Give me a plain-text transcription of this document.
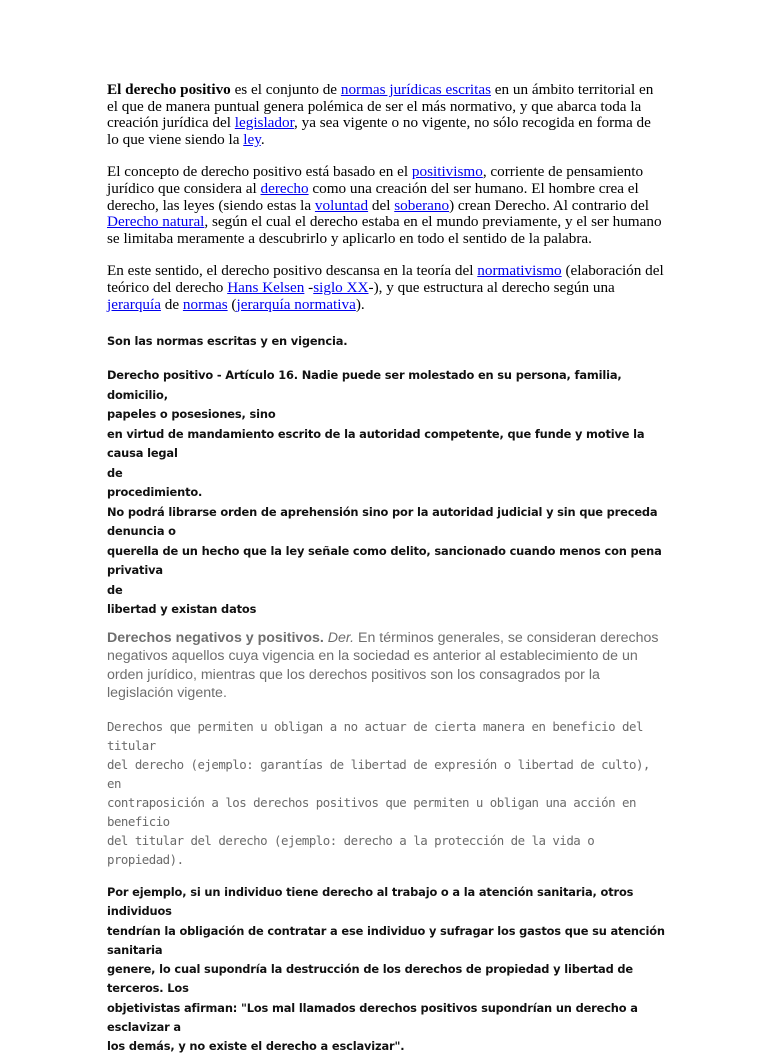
El derecho positivo es el conjunto de normas jurídicas escritas en un ámbito territorial en el que de manera puntual genera polémica de ser el más normativo, y que abarca toda la creación jurídica del legislador, ya sea vigente o no vigente, no sólo recogida en forma de lo que viene siendo la ley.

El concepto de derecho positivo está basado en el positivismo, corriente de pensamiento jurídico que considera al derecho como una creación del ser humano. El hombre crea el derecho, las leyes (siendo estas la voluntad del soberano) crean Derecho. Al contrario del Derecho natural, según el cual el derecho estaba en el mundo previamente, y el ser humano se limitaba meramente a descubrirlo y aplicarlo en todo el sentido de la palabra.

En este sentido, el derecho positivo descansa en la teoría del normativismo (elaboración del teórico del derecho Hans Kelsen -siglo XX-), y que estructura al derecho según una jerarquía de normas (jerarquía normativa).

Son las normas escritas y en vigencia.

Derecho positivo - Artículo 16. Nadie puede ser molestado en su persona, familia, domicilio,
papeles o posesiones, sino
en virtud de mandamiento escrito de la autoridad competente, que funde y motive la causa legal
de
procedimiento.
No podrá librarse orden de aprehensión sino por la autoridad judicial y sin que preceda denuncia o
querella de un hecho que la ley señale como delito, sancionado cuando menos con pena privativa
de
libertad y existan datos

Derechos negativos y positivos. Der. En términos generales, se consideran derechos negativos aquellos cuya vigencia en la sociedad es anterior al establecimiento de un orden jurídico, mientras que los derechos positivos son los consagrados por la legislación vigente.

Derechos que permiten u obligan a no actuar de cierta manera en beneficio del titular
del derecho (ejemplo: garantías de libertad de expresión o libertad de culto), en
contraposición a los derechos positivos que permiten u obligan una acción en beneficio
del titular del derecho (ejemplo: derecho a la protección de la vida o propiedad).
Por ejemplo, si un individuo tiene derecho al trabajo o a la atención sanitaria, otros individuos
tendrían la obligación de contratar a ese individuo y sufragar los gastos que su atención sanitaria
genere, lo cual supondría la destrucción de los derechos de propiedad y libertad de terceros. Los
objetivistas afirman: "Los mal llamados derechos positivos supondrían un derecho a esclavizar a
los demás, y no existe el derecho a esclavizar".
